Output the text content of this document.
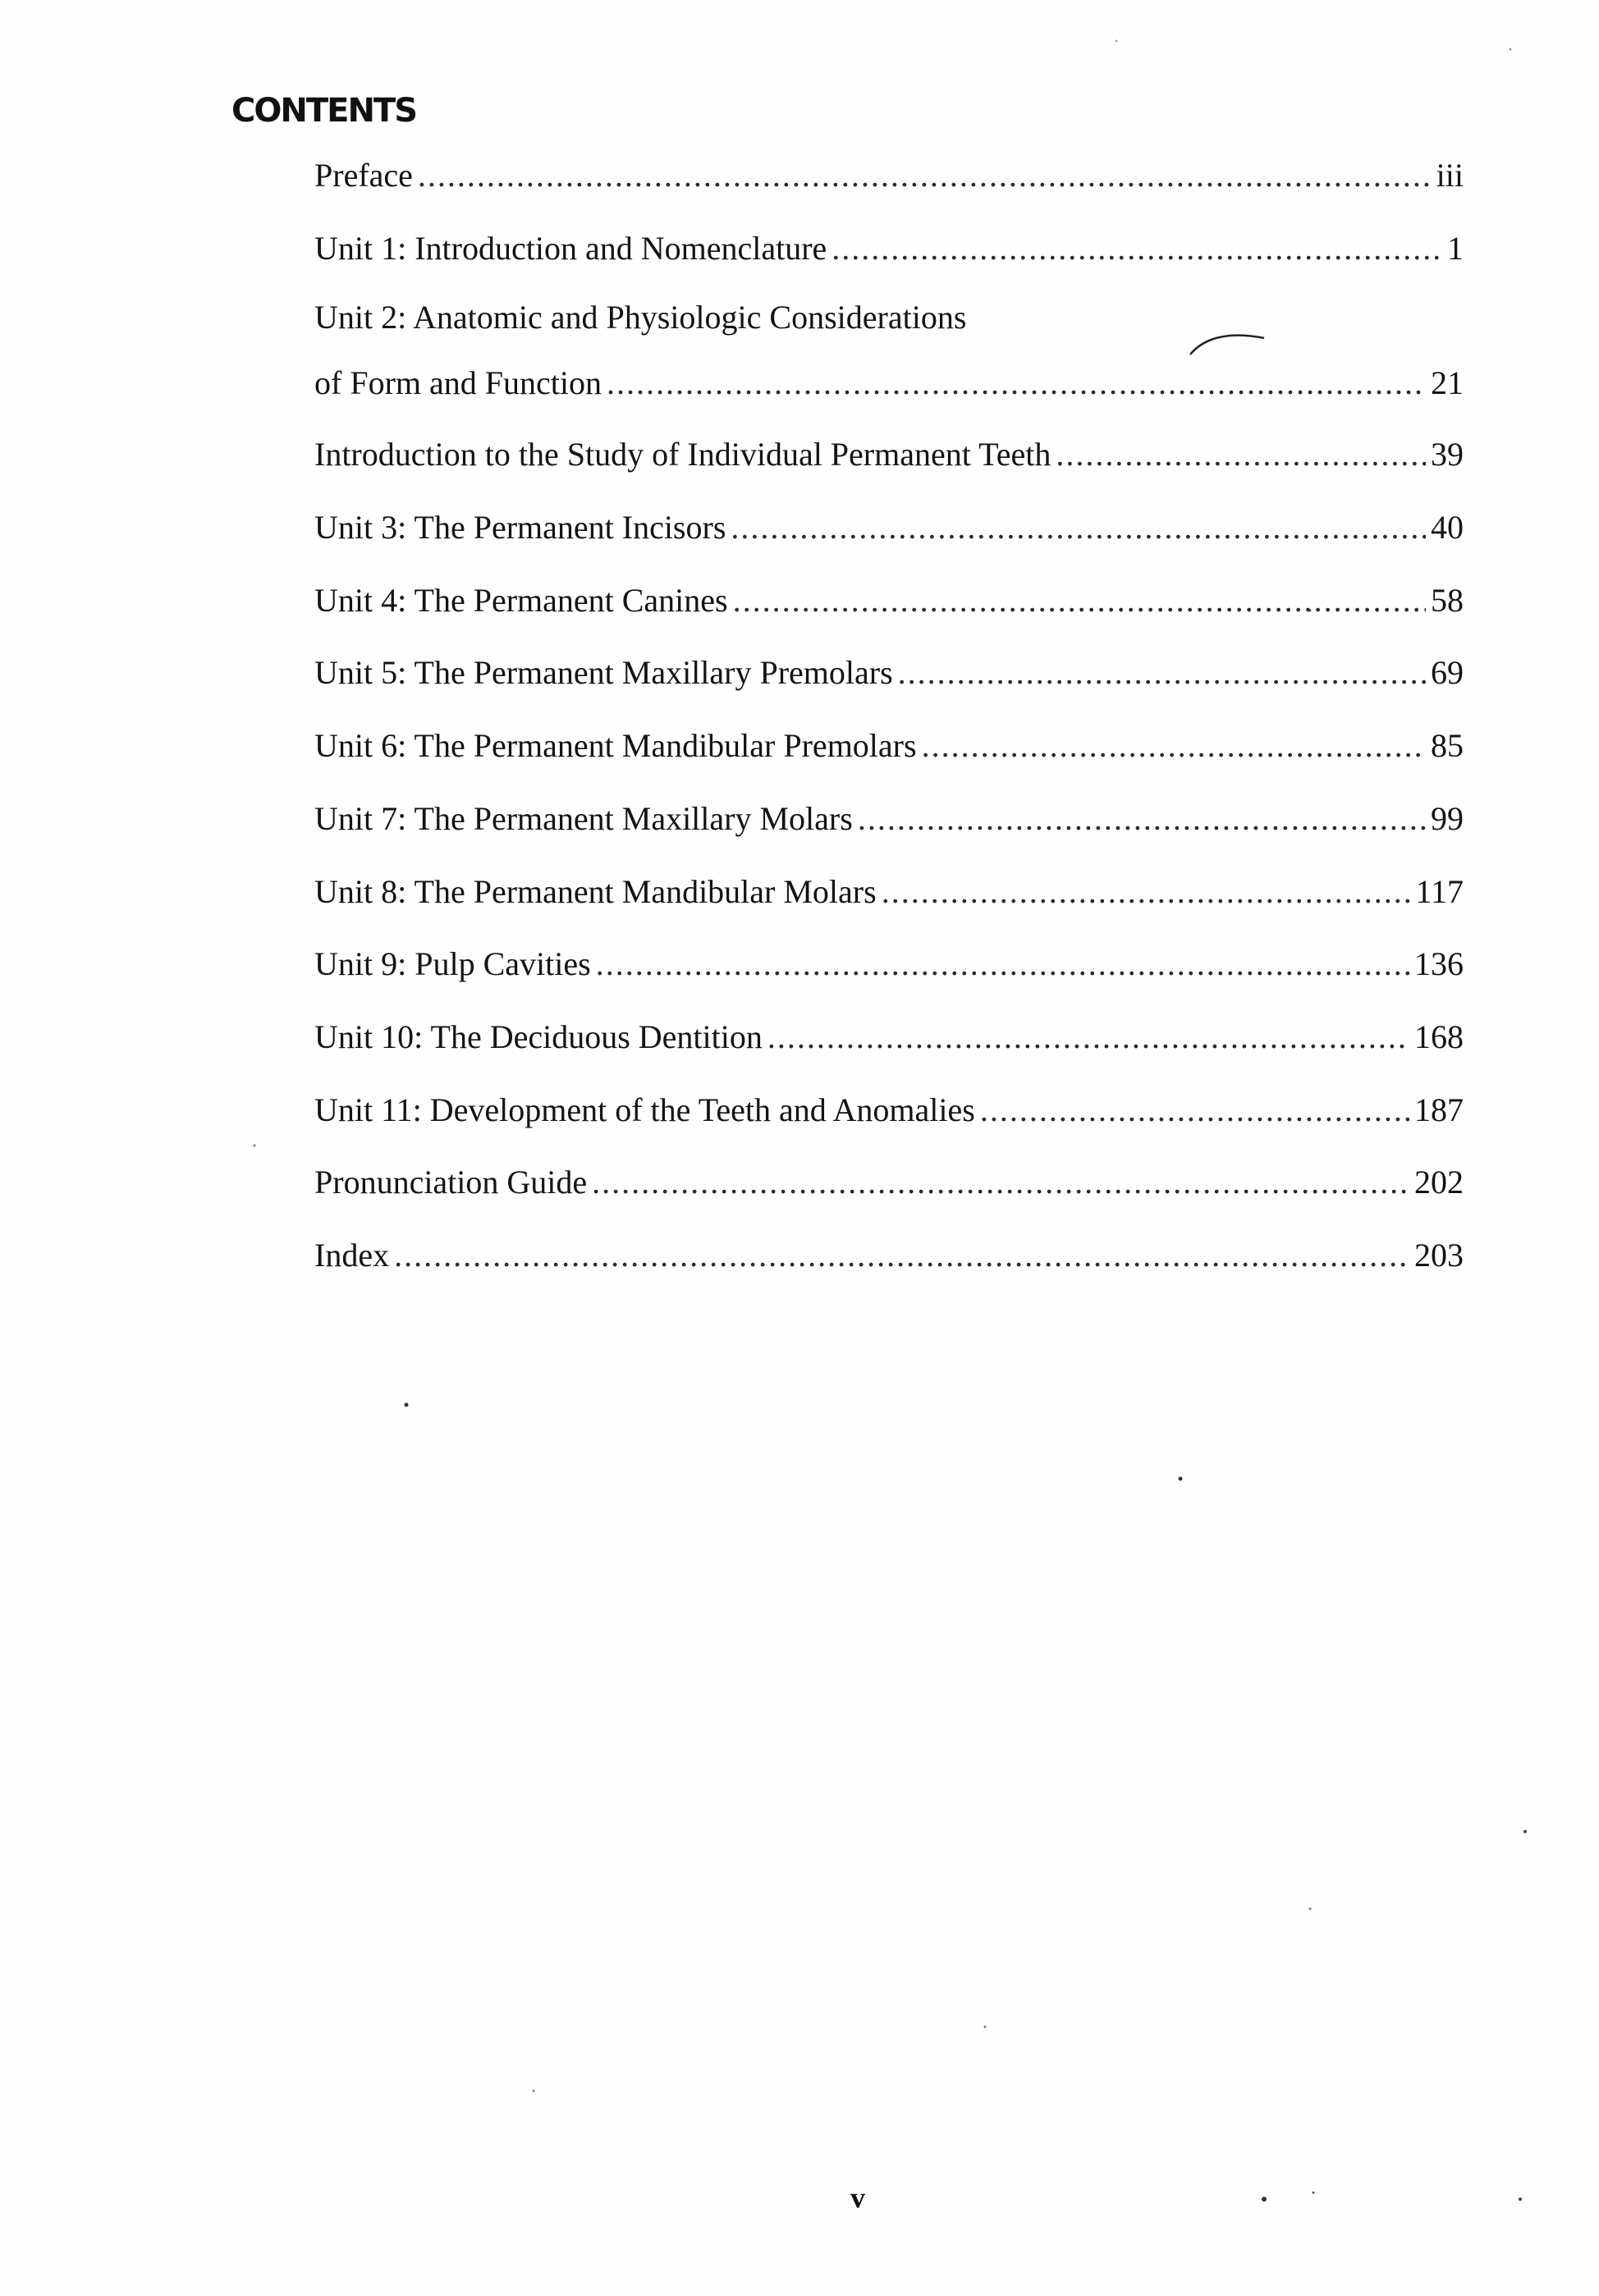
CONTENTS
Preface .....	iii
Unit 1: Introduction and Nomenclature .....	1
Unit 2: Anatomic and Physiologic Considerations
of Form and Function .....	21
Introduction to the Study of Individual Permanent Teeth .....	39
Unit 3: The Permanent Incisors .....	40
Unit 4: The Permanent Canines .....	58
Unit 5: The Permanent Maxillary Premolars .....	69
Unit 6: The Permanent Mandibular Premolars .....	85
Unit 7: The Permanent Maxillary Molars .....	99
Unit 8: The Permanent Mandibular Molars .....	117
Unit 9: Pulp Cavities .....	136
Unit 10: The Deciduous Dentition .....	168
Unit 11: Development of the Teeth and Anomalies .....	187
Pronunciation Guide .....	202
Index .....	203
v
